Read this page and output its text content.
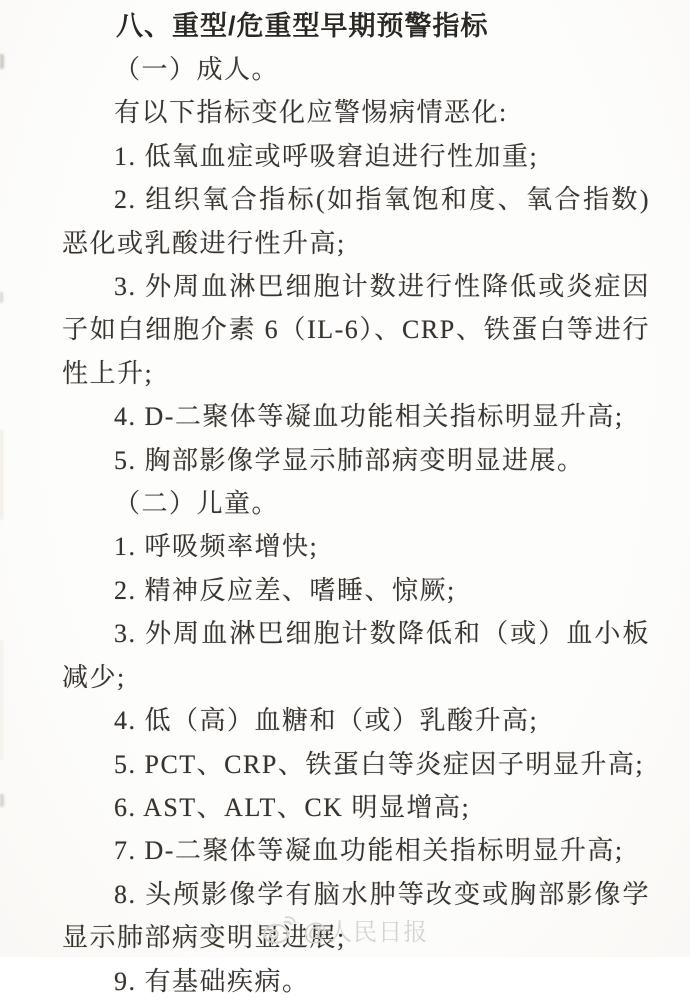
八、重型/危重型早期预警指标

（一）成人。

有以下指标变化应警惕病情恶化:

1. 低氧血症或呼吸窘迫进行性加重;

2. 组织氧合指标(如指氧饱和度、氧合指数)恶化或乳酸进行性升高;

3. 外周血淋巴细胞计数进行性降低或炎症因子如白细胞介素 6（IL-6）、CRP、铁蛋白等进行性上升;

4. D-二聚体等凝血功能相关指标明显升高;

5. 胸部影像学显示肺部病变明显进展。

（二）儿童。

1. 呼吸频率增快;

2. 精神反应差、嗜睡、惊厥;

3. 外周血淋巴细胞计数降低和（或）血小板减少;

4. 低（高）血糖和（或）乳酸升高;

5. PCT、CRP、铁蛋白等炎症因子明显升高;

6. AST、ALT、CK 明显增高;

7. D-二聚体等凝血功能相关指标明显升高;

8. 头颅影像学有脑水肿等改变或胸部影像学显示肺部病变明显进展;

9. 有基础疾病。

@人民日报
